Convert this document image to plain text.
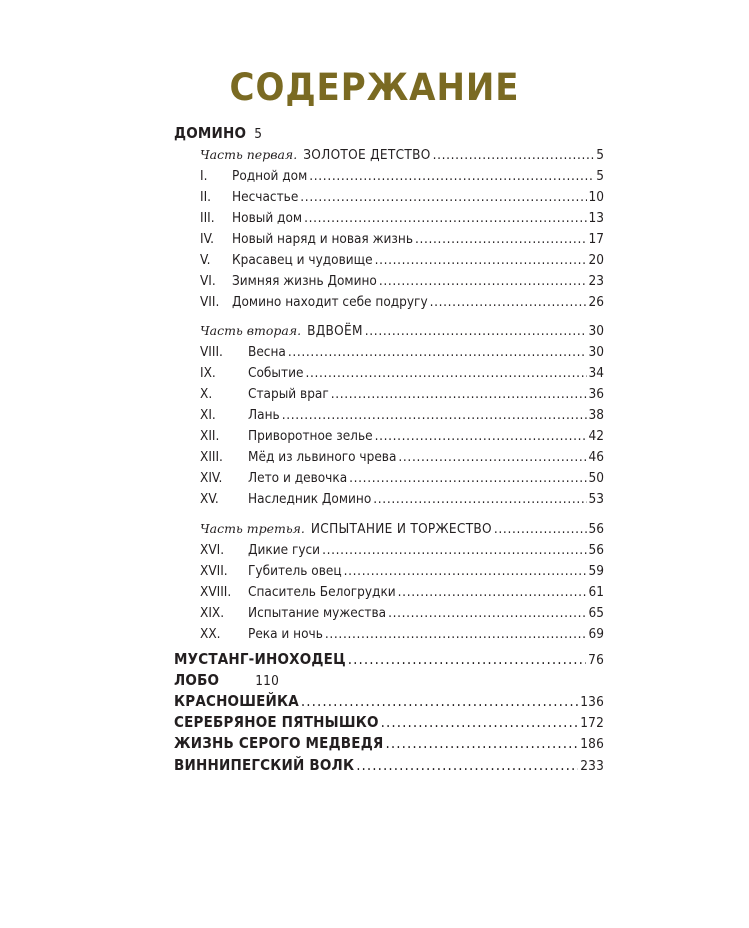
СОДЕРЖАНИЕ
ДОМИНО 5
Часть первая. ЗОЛОТОЕ ДЕТСТВО . . .	5
I.	Родной дом . . .	5
II.	Несчастье . . .	10
III.	Новый дом . . .	13
IV.	Новый наряд и новая жизнь . . .	17
V.	Красавец и чудовище . . .	20
VI.	Зимняя жизнь Домино . . .	23
VII. Домино находит себе подругу . . .	26
Часть вторая. ВДВОЁМ . . .	30
VIII.	Весна . . .	30
IX.	Событие . . .	34
X.	Старый враг . . .	36
XI.	Лань . . .	38
XII.	Приворотное зелье . . .	42
XIII.	Мёд из львиного чрева . . .	46
XIV.	Лето и девочка . . .	50
XV.	Наследник Домино . . .	53
Часть третья. ИСПЫТАНИЕ И ТОРЖЕСТВО . . .	56
XVI.	Дикие гуси . . .	56
XVII.	Губитель овец . . .	59
XVIII.	Спаситель Белогрудки . . .	61
XIX.	Испытание мужества . . .	65
XX.	Река и ночь . . .	69
МУСТАНГ-ИНОХОДЕЦ . . .	76
ЛОБО	110
КРАСНОШЕЙКА . . .	136
СЕРЕБРЯНОЕ ПЯТНЫШКО . . .	172
ЖИЗНЬ СЕРОГО МЕДВЕДЯ . . .	186
ВИННИПЕГСКИЙ ВОЛК . . .	233
